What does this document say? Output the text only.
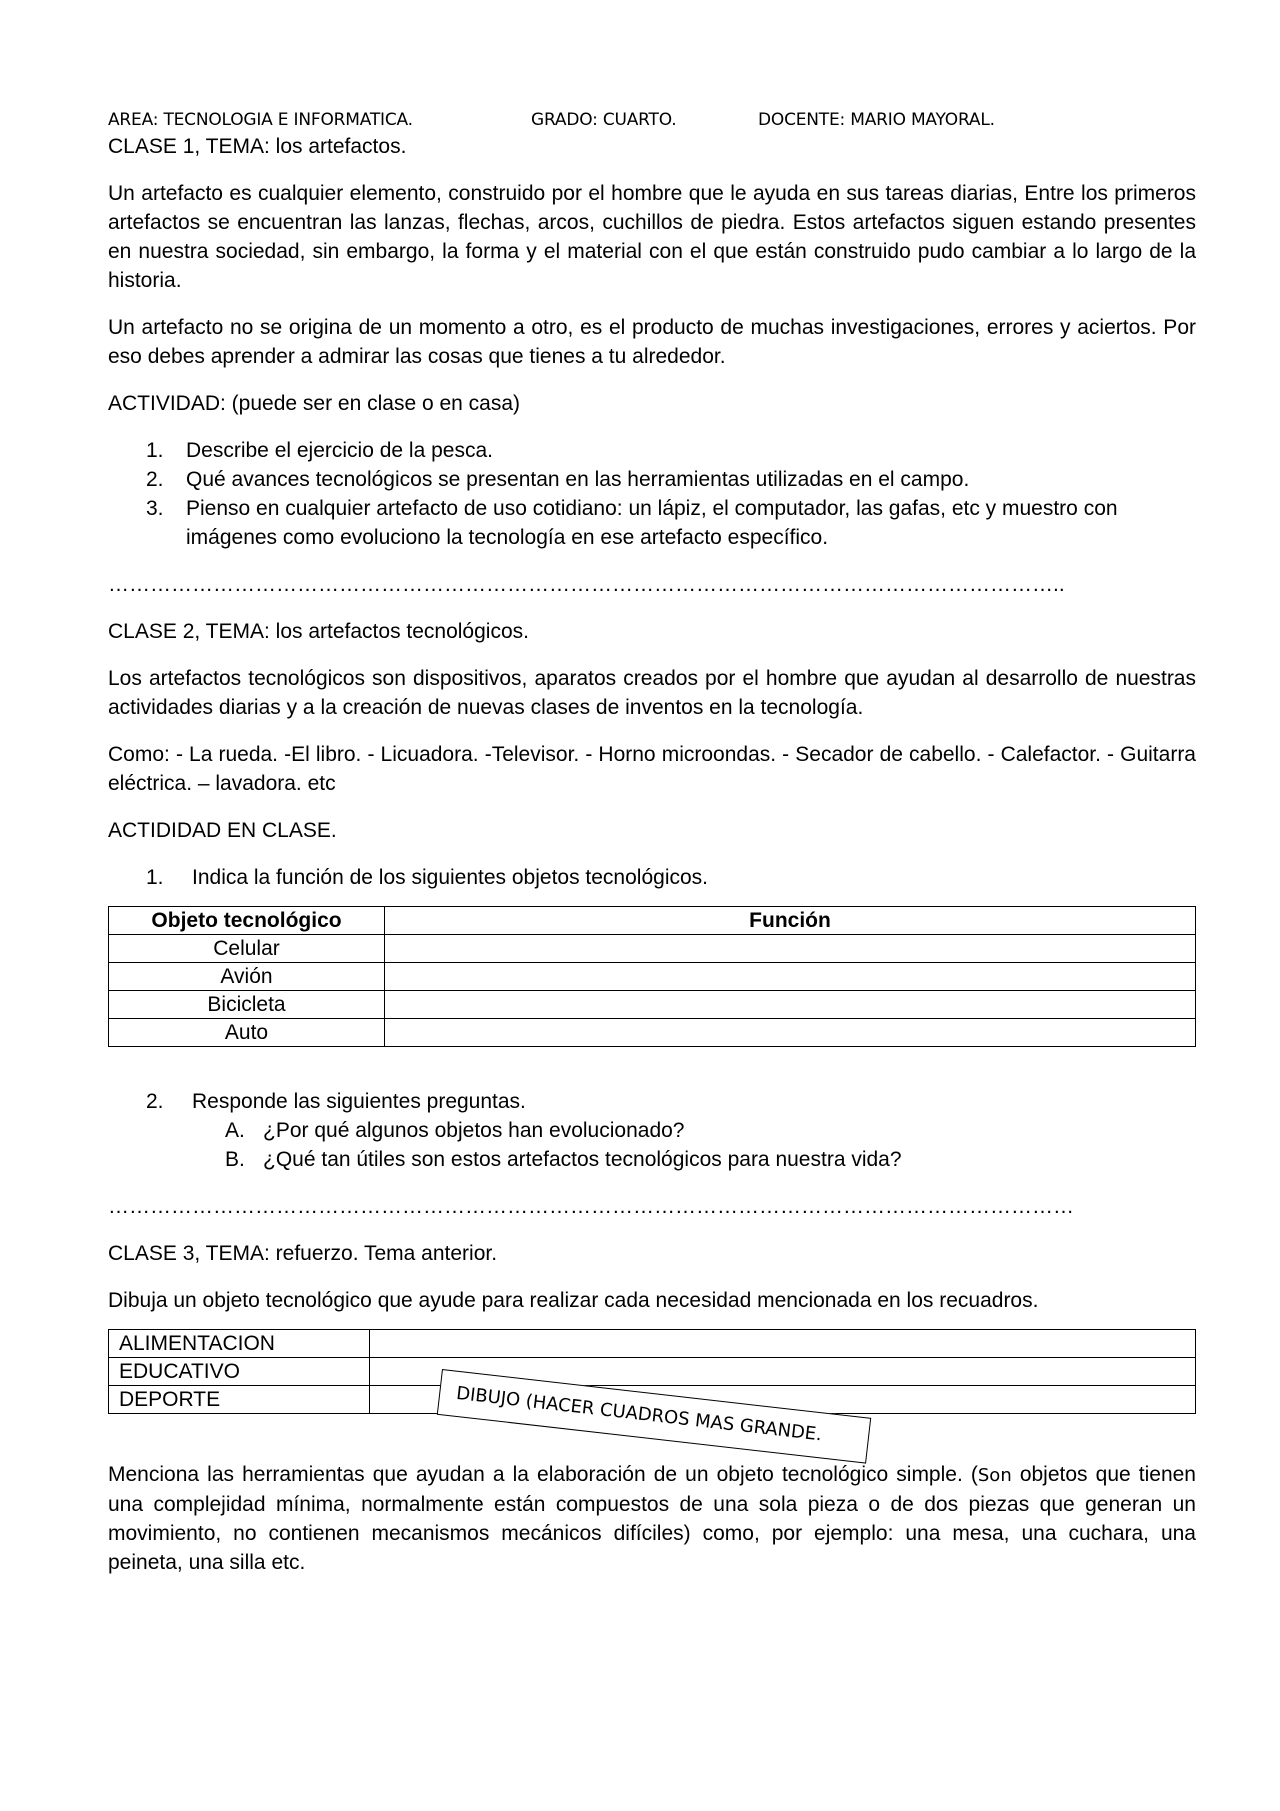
AREA: TECNOLOGIA E INFORMATICA.	GRADO: CUARTO.	DOCENTE: MARIO MAYORAL.

CLASE 1, TEMA: los artefactos.

Un artefacto es cualquier elemento, construido por el hombre que le ayuda en sus tareas diarias, Entre los primeros artefactos se encuentran las lanzas, flechas, arcos, cuchillos de piedra. Estos artefactos siguen estando presentes en nuestra sociedad, sin embargo, la forma y el material con el que están construido pudo cambiar a lo largo de la historia.

Un artefacto no se origina de un momento a otro, es el producto de muchas investigaciones, errores y aciertos. Por eso debes aprender a admirar las cosas que tienes a tu alrededor.

ACTIVIDAD: (puede ser en clase o en casa)

1. Describe el ejercicio de la pesca.
2. Qué avances tecnológicos se presentan en las herramientas utilizadas en el campo.
3. Pienso en cualquier artefacto de uso cotidiano: un lápiz, el computador, las gafas, etc y muestro con imágenes como evoluciono la tecnología en ese artefacto específico.
………………………………………………………………………………………………………………………..

CLASE 2, TEMA: los artefactos tecnológicos.

Los artefactos tecnológicos son dispositivos, aparatos creados por el hombre que ayudan al desarrollo de nuestras actividades diarias y a la creación de nuevas clases de inventos en la tecnología.

Como: - La rueda. -El libro. - Licuadora. -Televisor. - Horno microondas. - Secador de cabello. - Calefactor. - Guitarra eléctrica. – lavadora. etc

ACTIDIDAD EN CLASE.

1. Indica la función de los siguientes objetos tecnológicos.
Objeto tecnológico	Función
Celular	
Avión	
Bicicleta	
Auto	
2. Responde las siguientes preguntas.
A. ¿Por qué algunos objetos han evolucionado?
B. ¿Qué tan útiles son estos artefactos tecnológicos para nuestra vida?
…………………………………………………………………………………………………………………………

CLASE 3, TEMA: refuerzo. Tema anterior.

Dibuja un objeto tecnológico que ayude para realizar cada necesidad mencionada en los recuadros.

ALIMENTACION	
EDUCATIVO	
DEPORTE	

Menciona las herramientas que ayudan a la elaboración de un objeto tecnológico simple. (Son objetos que tienen una complejidad mínima, normalmente están compuestos de una sola pieza o de dos piezas que generan un movimiento, no contienen mecanismos mecánicos difíciles) como, por ejemplo: una mesa, una cuchara, una peineta, una silla etc.

DIBUJO (HACER CUADROS MAS GRANDE.
